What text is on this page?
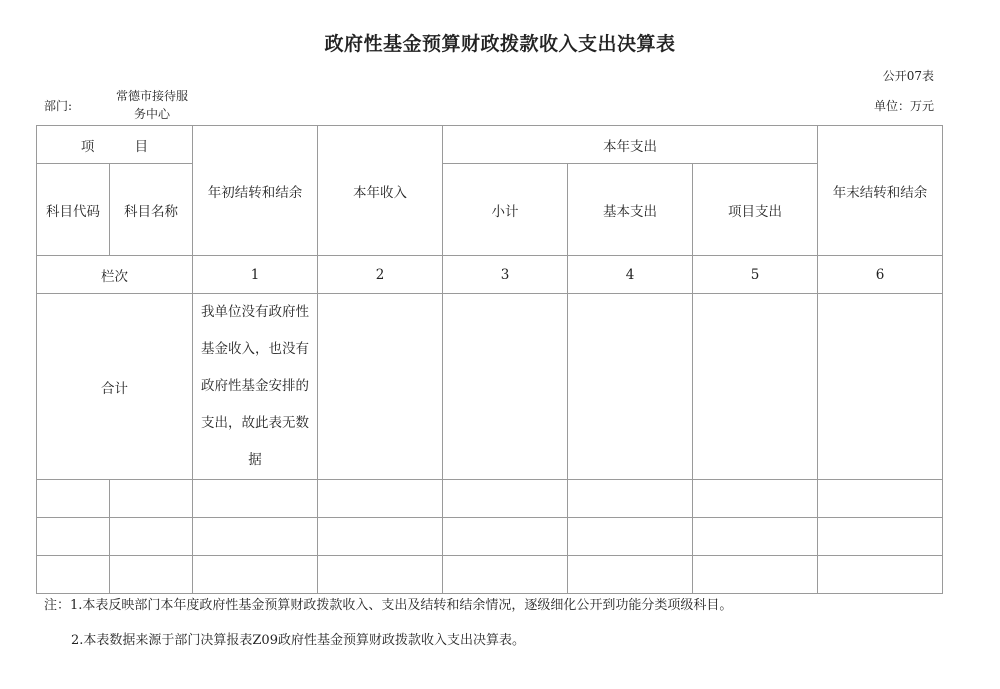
政府性基金预算财政拨款收入支出决算表
公开07表
部门:
常德市接待服务中心
单位：万元
项 目		年初结转和结余	本年收入	本年支出			年末结转和结余
科目代码	科目名称			小计	基本支出	项目支出	
栏次		1	2	3	4	5	6
合计		我单位没有政府性基金收入，也没有政府性基金安排的支出，故此表无数据					

注：1.本表反映部门本年度政府性基金预算财政拨款收入、支出及结转和结余情况，逐级细化公开到功能分类项级科目。
2.本表数据来源于部门决算报表Z09政府性基金预算财政拨款收入支出决算表。
